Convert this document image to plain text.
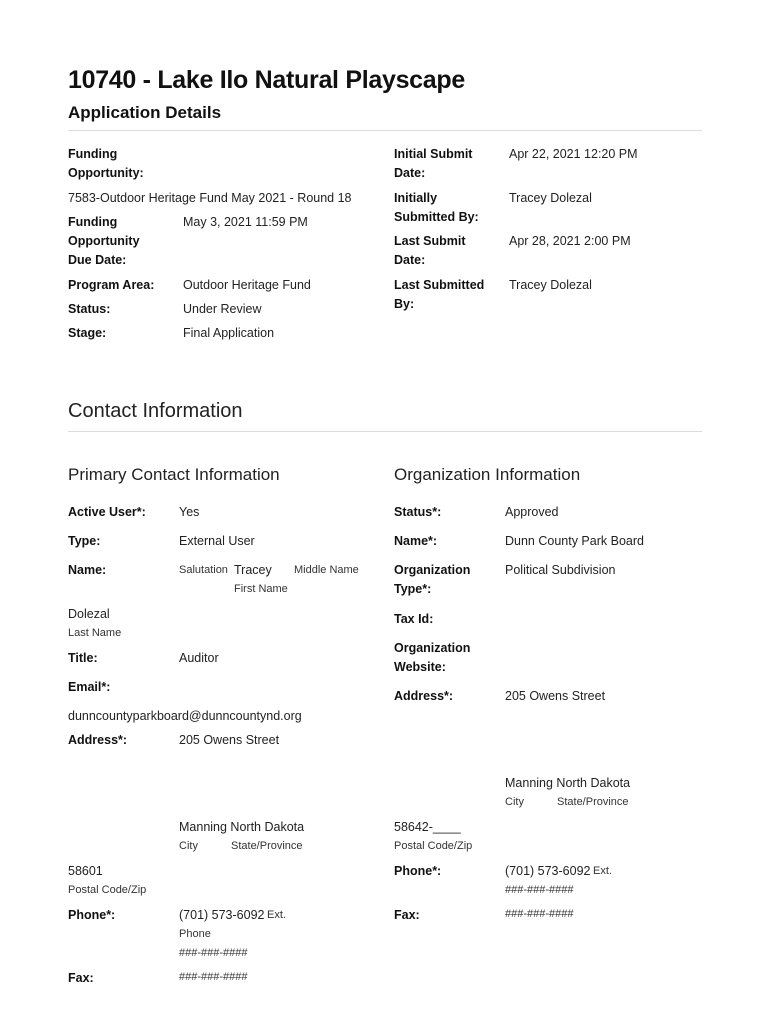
10740 - Lake Ilo Natural Playscape
Application Details
Funding
Opportunity:
7583-Outdoor Heritage Fund May 2021 - Round 18
Funding
Opportunity
Due Date:
May 3, 2021 11:59 PM
Program Area: Outdoor Heritage Fund
Status:	Under Review
Stage:	Final Application
Initial Submit
Date:
Apr 22, 2021 12:20 PM
Initially
Submitted By:
Tracey Dolezal
Last Submit
Date:
Apr 28, 2021 2:00 PM
Last Submitted
By:
Tracey Dolezal
Contact Information
Primary Contact Information
Active User*:	Yes
Type:	External User
Name:	Salutation Tracey Middle Name
First Name
Dolezal
Last Name
Title:	Auditor
Email*:
dunncountyparkboard@dunncountynd.org
Address*:	205 Owens Street
Manning North Dakota
City	State/Province
58601
Postal Code/Zip
Phone*:	(701) 573-6092 Ext.
Phone
###-###-####
Fax:	###-###-####
Organization Information
Status*:	Approved
Name*:	Dunn County Park Board
Organization
Type*:
Political Subdivision
Tax Id:
Organization
Website:
Address*:	205 Owens Street
Manning North Dakota
City	State/Province
58642-____
Postal Code/Zip
Phone*:	(701) 573-6092 Ext.
###-###-####
Fax:	###-###-####
